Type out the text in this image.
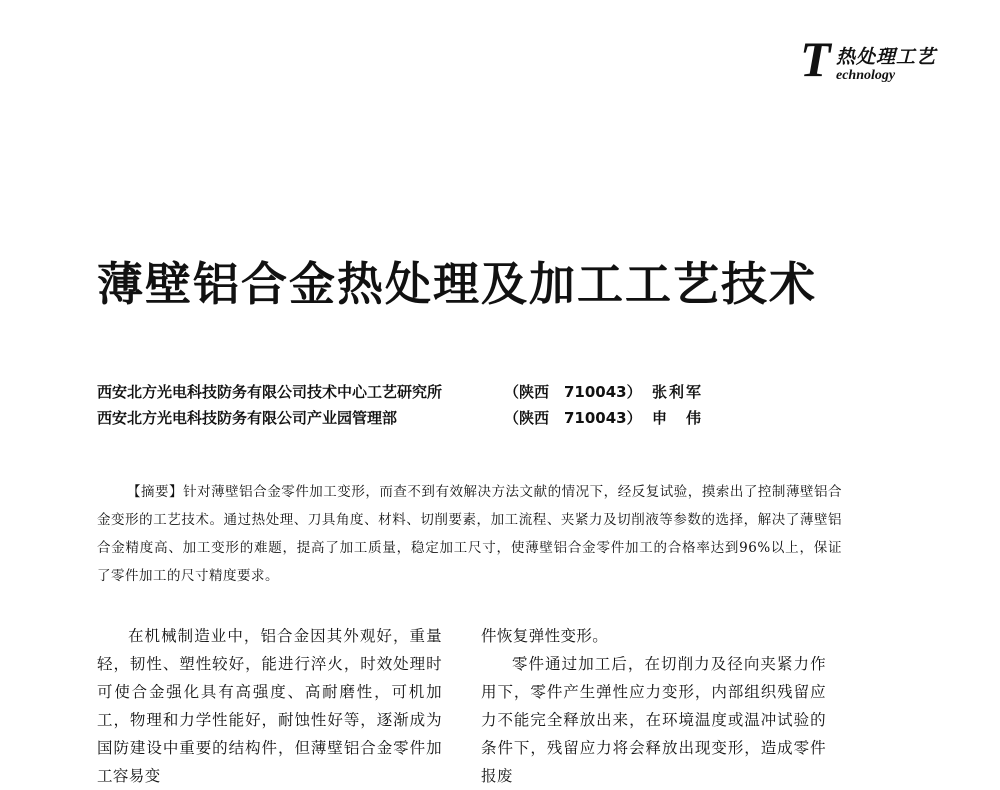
T 热处理工艺
echnology
薄壁铝合金热处理及加工工艺技术
西安北方光电科技防务有限公司技术中心工艺研究所	（陕西　710043） 张利军
西安北方光电科技防务有限公司产业园管理部	（陕西　710043） 申　伟

【摘要】针对薄壁铝合金零件加工变形，而查不到有效解决方法文献的情况下，经反复试验，摸索出了控制薄壁铝合金变形的工艺技术。通过热处理、刀具角度、材料、切削要素，加工流程、夹紧力及切削液等参数的选择，解决了薄壁铝合金精度高、加工变形的难题，提高了加工质量，稳定加工尺寸，使薄壁铝合金零件加工的合格率达到96%以上，保证了零件加工的尺寸精度要求。

在机械制造业中，铝合金因其外观好，重量轻，韧性、塑性较好，能进行淬火，时效处理时可使合金强化具有高强度、高耐磨性，可机加工，物理和力学性能好，耐蚀性好等，逐渐成为国防建设中重要的结构件，但薄壁铝合金零件加工容易变

件恢复弹性变形。

零件通过加工后，在切削力及径向夹紧力作用下，零件产生弹性应力变形，内部组织残留应力不能完全释放出来，在环境温度或温冲试验的条件下，残留应力将会释放出现变形，造成零件报废
